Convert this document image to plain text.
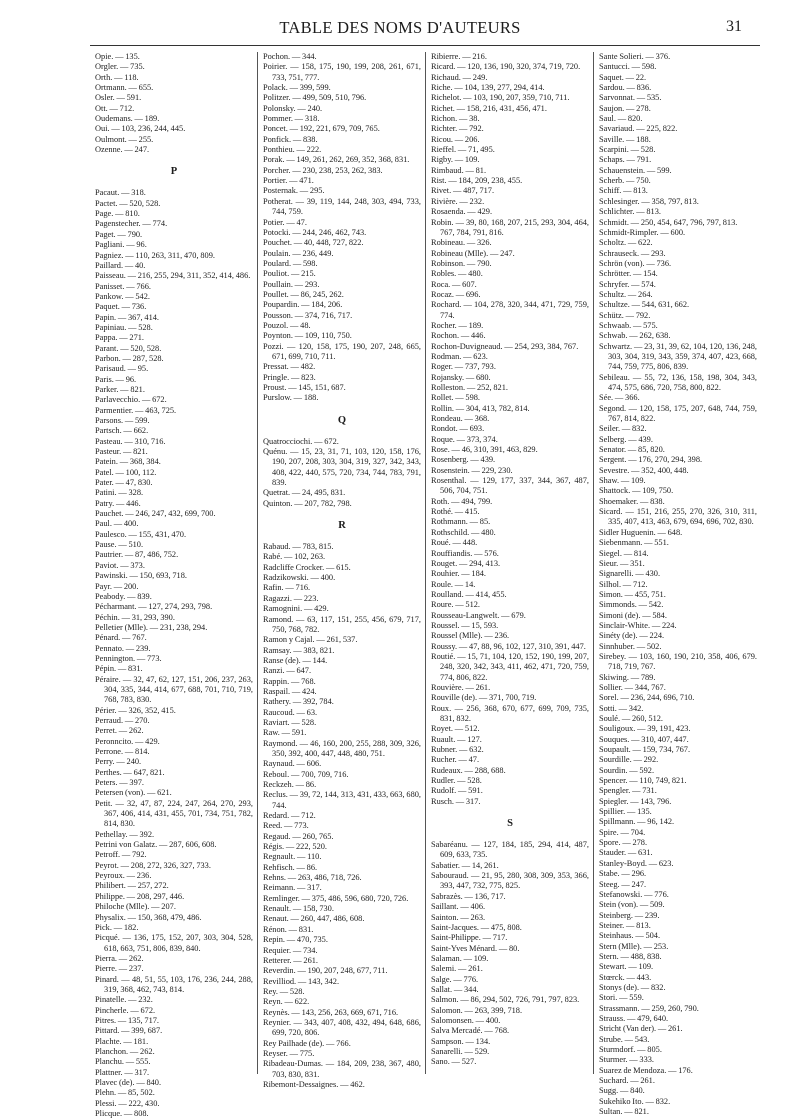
TABLE DES NOMS D'AUTEURS	31
Opie. — 135.
Orgler. — 735.
Orth. — 118.
Ortmann. — 655.
Osler. — 591.
Ott. — 712.
Oudemans. — 189.
Oui. — 103, 236, 244, 445.
Oulmont. — 255.
Ozenne. — 247.
P
Pacaut. — 318.
Pactet. — 520, 528.
Page. — 810.
Pagenstecher. — 774.
Paget. — 790.
Pagliani. — 96.
Pagniez. — 110, 263, 311, 470, 809.
Paillard. — 40.
Paisseau. — 216, 255, 294, 311, 352, 414, 486.
Panisset. — 766.
Pankow. — 542.
Paquet. — 736.
Papin. — 367, 414.
Papiniau. — 528.
Pappa. — 271.
Parant. — 520, 528.
Parbon. — 287, 528.
Parisaud. — 95.
Paris. — 96.
Parker. — 821.
Parlavecchio. — 672.
Parmentier. — 463, 725.
Parsons. — 599.
Partsch. — 662.
Pasteau. — 310, 716.
Pasteur. — 821.
Patein. — 368, 384.
Patel. — 100, 112.
Pater. — 47, 830.
Patini. — 328.
Patry. — 446.
Pauchet. — 246, 247, 432, 699, 700.
Paul. — 400.
Paulesco. — 155, 431, 470.
Pause. — 510.
Pautrier. — 87, 486, 752.
Paviot. — 373.
Pawinski. — 150, 693, 718.
Payr. — 200.
Peabody. — 839.
Pécharmant. — 127, 274, 293, 798.
Péchin. — 31, 293, 390.
Pelletier (Mlle). — 231, 238, 294.
Pénard. — 767.
Pennato. — 239.
Pennington. — 773.
Pépin. — 831.
Péraire. — 32, 47, 62, 127, 151, 206, 237, 263, 304, 335, 344, 414, 677, 688, 701, 710, 719, 768, 783, 830.
Périer. — 326, 352, 415.
Perraud. — 270.
Perret. — 262.
Peronncito. — 429.
Perrone. — 814.
Perry. — 240.
Perthes. — 647, 821.
Peters. — 397.
Petersen (von). — 621.
Petit. — 32, 47, 87, 224, 247, 264, 270, 293, 367, 406, 414, 431, 455, 701, 734, 751, 782, 814, 830.
Pethellay. — 392.
Petrini von Galatz. — 287, 606, 608.
Petroff. — 792.
Peyrot. — 208, 272, 326, 327, 733.
Peyroux. — 236.
Philibert. — 257, 272.
Philippe. — 208, 297, 446.
Philoche (Mlle). — 207.
Physalix. — 150, 368, 479, 486.
Pick. — 182.
Picqué. — 136, 175, 152, 207, 303, 304, 528, 618, 663, 751, 806, 839, 840.
Pierra. — 262.
Pierre. — 237.
Pinard. — 48, 51, 55, 103, 176, 236, 244, 288, 319, 368, 462, 743, 814.
Pinatelle. — 232.
Pincherle. — 672.
Pitres. — 135, 717.
Pittard. — 399, 687.
Plachte. — 181.
Planchon. — 262.
Planchu. — 555.
Plattner. — 317.
Plavec (de). — 840.
Plehn. — 85, 502.
Plessi. — 222, 430.
Plicque. — 808.
Pochon. — 344.
Poirier. — 158, 175, 190, 199, 208, 261, 671, 733, 751, 777.
Polack. — 399, 599.
Politzer. — 499, 509, 510, 796.
Polonsky. — 240.
Pommer. — 318.
Poncet. — 192, 221, 679, 709, 765.
Ponfick. — 838.
Ponthieu. — 222.
Porak. — 149, 261, 262, 269, 352, 368, 831.
Porcher. — 230, 238, 253, 262, 383.
Portier. — 471.
Posternak. — 295.
Potherat. — 39, 119, 144, 248, 303, 494, 733, 744, 759.
Potier. — 47.
Potocki. — 244, 246, 462, 743.
Pouchet. — 40, 448, 727, 822.
Poulain. — 236, 449.
Poulard. — 598.
Pouliot. — 215.
Poullain. — 293.
Poullet. — 86, 245, 262.
Poupardin. — 184, 206.
Pousson. — 374, 716, 717.
Pouzol. — 48.
Poynton. — 109, 110, 750.
Pozzi. — 120, 158, 175, 190, 207, 248, 665, 671, 699, 710, 711.
Pressat. — 482.
Pringle. — 823.
Proust. — 145, 151, 687.
Purslow. — 188.
Q
Quatrocciochi. — 672.
Quénu. — 15, 23, 31, 71, 103, 120, 158, 176, 190, 207, 208, 303, 304, 319, 327, 342, 343, 408, 422, 440, 575, 720, 734, 744, 783, 791, 839.
Quetrat. — 24, 495, 831.
Quinton. — 207, 782, 798.
R
Rabaud. — 783, 815.
Rabé. — 102, 263.
Radcliffe Crocker. — 615.
Radzikowski. — 400.
Rafin. — 716.
Ragazzi. — 223.
Ramognini. — 429.
Ramond. — 63, 117, 151, 255, 456, 679, 717, 750, 768, 782.
Ramon y Cajal. — 261, 537.
Ramsay. — 383, 821.
Ranse (de). — 144.
Ranzi. — 647.
Rappin. — 768.
Raspail. — 424.
Rathery. — 392, 784.
Raucoud. — 63.
Raviart. — 528.
Raw. — 591.
Raymond. — 46, 160, 200, 255, 288, 309, 326, 350, 392, 400, 447, 448, 480, 751.
Raynaud. — 606.
Reboul. — 700, 709, 716.
Reckzeh. — 86.
Reclus. — 39, 72, 144, 313, 431, 433, 663, 680, 744.
Redard. — 712.
Reed. — 773.
Regaud. — 260, 765.
Régis. — 222, 520.
Regnault. — 110.
Rehfisch. — 86.
Rehns. — 263, 486, 718, 726.
Reimann. — 317.
Remlinger. — 375, 486, 596, 680, 720, 726.
Renault. — 158, 730.
Renaut. — 260, 447, 486, 608.
Rénon. — 831.
Repin. — 470, 735.
Requier. — 734.
Retterer. — 261.
Reverdin. — 190, 207, 248, 677, 711.
Revilliod. — 143, 342.
Rey. — 528.
Reyn. — 622.
Reynès. — 143, 256, 263, 669, 671, 716.
Reynier. — 343, 407, 408, 432, 494, 648, 686, 699, 720, 806.
Rey Pailhade (de). — 766.
Reyser. — 775.
Ribadeau-Dumas. — 184, 209, 238, 367, 480, 703, 830, 831.
Ribemont-Dessaignes. — 462.
Ribierre. — 216.
Ricard. — 120, 136, 190, 320, 374, 719, 720.
Richaud. — 249.
Riche. — 104, 139, 277, 294, 414.
Richelot. — 103, 190, 207, 359, 710, 711.
Richet. — 158, 216, 431, 456, 471.
Richon. — 38.
Richter. — 792.
Ricou. — 206.
Rieffel. — 71, 495.
Rigby. — 109.
Rimbaud. — 81.
Rist. — 184, 209, 238, 455.
Rivet. — 487, 717.
Rivière. — 232.
Rosaenda. — 429.
Robin. — 39, 80, 168, 207, 215, 293, 304, 464, 767, 784, 791, 816.
Robineau. — 326.
Robineau (Mlle). — 247.
Robinson. — 790.
Robles. — 480.
Roca. — 607.
Rocaz. — 696.
Rochard. — 104, 278, 320, 344, 471, 729, 759, 774.
Rocher. — 189.
Rochon. — 446.
Rochon-Duvigneaud. — 254, 293, 384, 767.
Rodman. — 623.
Roger. — 737, 793.
Rojansky. — 680.
Rolleston. — 252, 821.
Rollet. — 598.
Rollin. — 304, 413, 782, 814.
Rondeau. — 368.
Rondot. — 693.
Roque. — 373, 374.
Rose. — 46, 310, 391, 463, 829.
Rosenberg. — 439.
Rosenstein. — 229, 230.
Rosenthal. — 129, 177, 337, 344, 367, 487, 506, 704, 751.
Roth. — 494, 799.
Rothé. — 415.
Rothmann. — 85.
Rothschild. — 480.
Roué. — 448.
Rouffiandis. — 576.
Rouget. — 294, 413.
Rouhier. — 184.
Roule. — 14.
Roulland. — 414, 455.
Roure. — 512.
Rousseau-Langwelt. — 679.
Roussel. — 15, 593.
Roussel (Mlle). — 236.
Roussy. — 47, 88, 96, 102, 127, 310, 391, 447.
Routié. — 15, 71, 104, 120, 152, 190, 199, 207, 248, 320, 342, 343, 411, 462, 471, 720, 759, 774, 806, 822.
Rouvière. — 261.
Rouville (de). — 371, 700, 719.
Roux. — 256, 368, 670, 677, 699, 709, 735, 831, 832.
Royet. — 512.
Ruault. — 127.
Rubner. — 632.
Rucher. — 47.
Rudeaux. — 288, 688.
Rudler. — 528.
Rudolf. — 591.
Rusch. — 317.
S
Sabaréanu. — 127, 184, 185, 294, 414, 487, 609, 633, 735.
Sabatier. — 14, 261.
Sabouraud. — 21, 95, 280, 308, 309, 353, 366, 393, 447, 732, 775, 825.
Sabrazès. — 136, 717.
Saillant. — 406.
Sainton. — 263.
Saint-Jacques. — 475, 808.
Saint-Philippe. — 717.
Saint-Yves Ménard. — 80.
Salaman. — 109.
Salemi. — 261.
Salge. — 776.
Sallat. — 344.
Salmon. — 86, 294, 502, 726, 791, 797, 823.
Salomon. — 263, 399, 718.
Salomonsen. — 400.
Salva Mercadé. — 768.
Sampson. — 134.
Sanarelli. — 529.
Sano. — 527.
Sante Solieri. — 376.
Santucci. — 598.
Saquet. — 22.
Sardou. — 836.
Sarvonnat. — 535.
Saujon. — 278.
Saul. — 820.
Savariaud. — 225, 822.
Saville. — 188.
Scarpini. — 528.
Schaps. — 791.
Schauenstein. — 599.
Scherb. — 750.
Schiff. — 813.
Schlesinger. — 358, 797, 813.
Schlichter. — 813.
Schmidt. — 250, 454, 647, 796, 797, 813.
Schmidt-Rimpler. — 600.
Scholtz. — 622.
Schrauseck. — 293.
Schrön (von). — 736.
Schrötter. — 154.
Schryfer. — 574.
Schultz. — 264.
Schultze. — 544, 631, 662.
Schütz. — 792.
Schwaab. — 575.
Schwab. — 262, 638.
Schwartz. — 23, 31, 39, 62, 104, 120, 136, 248, 303, 304, 319, 343, 359, 374, 407, 423, 668, 744, 759, 775, 806, 839.
Sebileau. — 55, 72, 136, 158, 198, 304, 343, 474, 575, 686, 720, 758, 800, 822.
Sée. — 366.
Segond. — 120, 158, 175, 207, 648, 744, 759, 767, 814, 822.
Seiler. — 832.
Selberg. — 439.
Senator. — 85, 820.
Sergent. — 176, 270, 294, 398.
Sevestre. — 352, 400, 448.
Shaw. — 109.
Shattock. — 109, 750.
Shoemaker. — 838.
Sicard. — 151, 216, 255, 270, 326, 310, 311, 335, 407, 413, 463, 679, 694, 696, 702, 830.
Sidler Huguenin. — 648.
Siebenmann. — 551.
Siegel. — 814.
Sieur. — 351.
Signarelli. — 430.
Silhol. — 712.
Simon. — 455, 751.
Simmonds. — 542.
Simoni (de). — 584.
Sinclair-White. — 224.
Sinéty (de). — 224.
Sinnhuber. — 502.
Sirebey. — 103, 160, 190, 210, 358, 406, 679. 718, 719, 767.
Skiwing. — 789.
Sollier. — 344, 767.
Sorel. — 236, 244, 696, 710.
Sotti. — 342.
Soulé. — 260, 512.
Souligoux. — 39, 191, 423.
Souques. — 310, 407, 447.
Soupault. — 159, 734, 767.
Sourdille. — 292.
Sourdin. — 592.
Spencer. — 110, 749, 821.
Spengler. — 731.
Spiegler. — 143, 796.
Spillier. — 135.
Spillmann. — 96, 142.
Spire. — 704.
Spore. — 278.
Stauder. — 631.
Stanley-Boyd. — 623.
Stabe. — 296.
Steeg. — 247.
Stefanowski. — 776.
Stein (von). — 509.
Steinberg. — 239.
Steiner. — 813.
Steinhaus. — 504.
Stern (Mlle). — 253.
Stern. — 488, 838.
Stewart. — 109.
Stœrck. — 443.
Stonys (de). — 832.
Stori. — 559.
Strassmann. — 259, 260, 790.
Strauss. — 479, 640.
Stricht (Van der). — 261.
Strube. — 543.
Sturmdorf. — 805.
Sturmer. — 333.
Suarez de Mendoza. — 176.
Suchard. — 261.
Sugg. — 840.
Sukehiko Ito. — 832.
Sultan. — 821.
